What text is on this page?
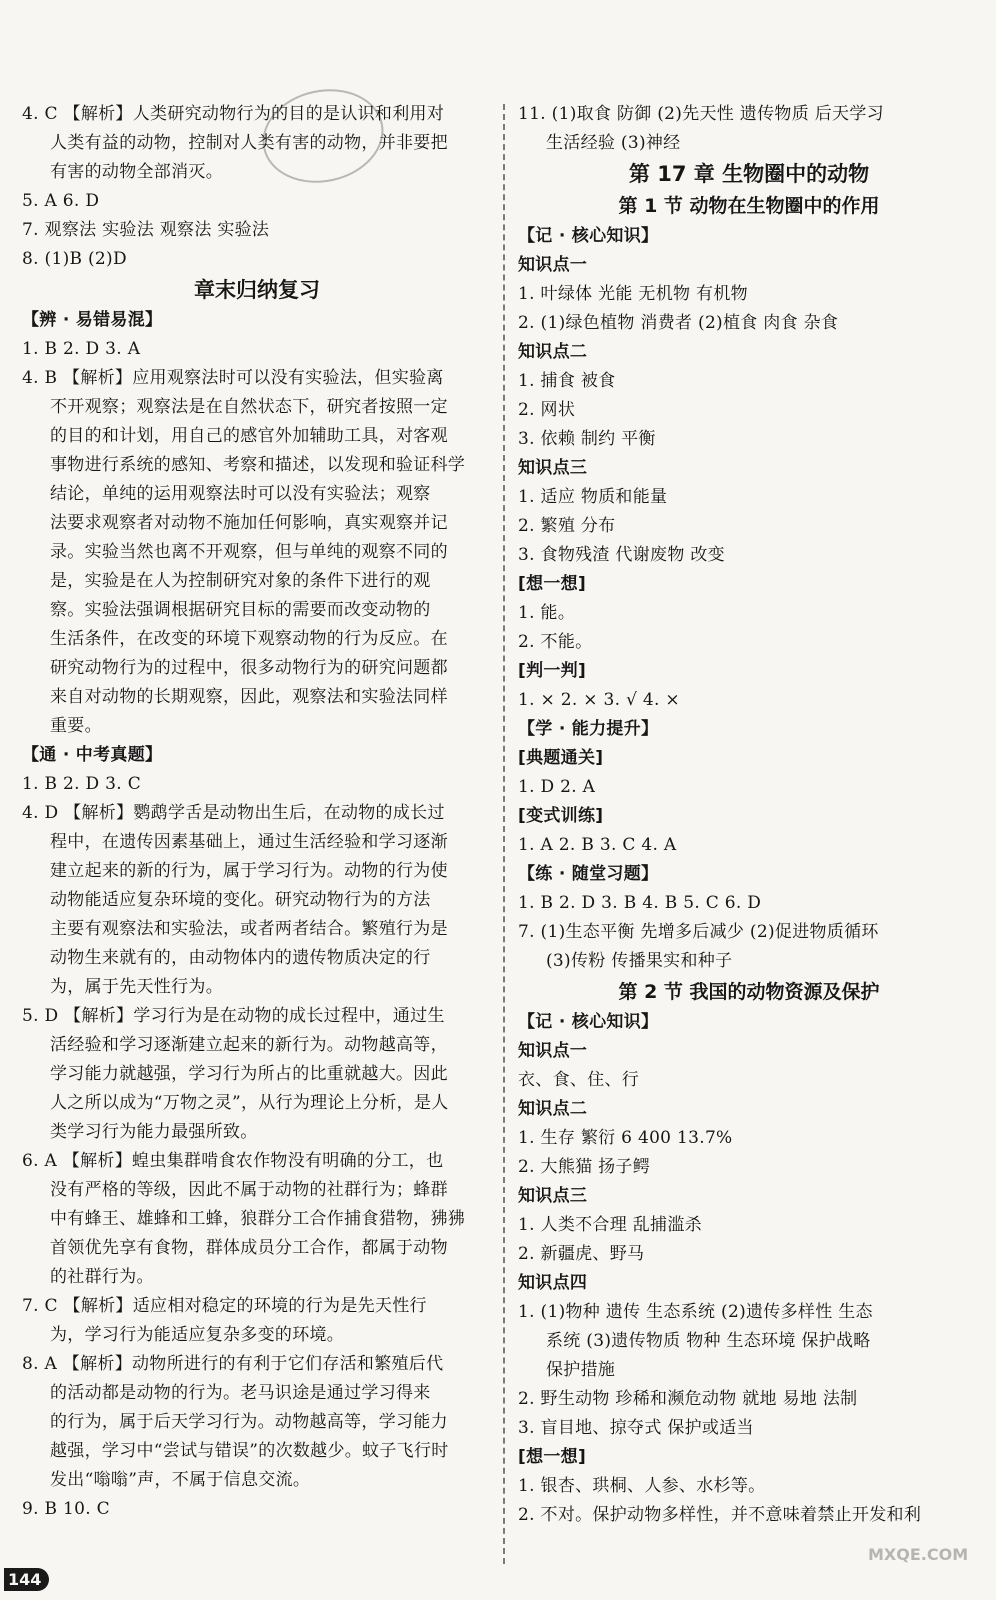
4. C 【解析】人类研究动物行为的目的是认识和利用对
人类有益的动物，控制对人类有害的动物，并非要把
有害的动物全部消灭。
5. A 6. D
7. 观察法 实验法 观察法 实验法
8. (1)B (2)D
章末归纳复习
【辨 · 易错易混】
1. B 2. D 3. A
4. B 【解析】应用观察法时可以没有实验法，但实验离
不开观察；观察法是在自然状态下，研究者按照一定
的目的和计划，用自己的感官外加辅助工具，对客观
事物进行系统的感知、考察和描述，以发现和验证科学
结论，单纯的运用观察法时可以没有实验法；观察
法要求观察者对动物不施加任何影响，真实观察并记
录。实验当然也离不开观察，但与单纯的观察不同的
是，实验是在人为控制研究对象的条件下进行的观
察。实验法强调根据研究目标的需要而改变动物的
生活条件，在改变的环境下观察动物的行为反应。在
研究动物行为的过程中，很多动物行为的研究问题都
来自对动物的长期观察，因此，观察法和实验法同样
重要。
【通 · 中考真题】
1. B 2. D 3. C
4. D 【解析】鹦鹉学舌是动物出生后，在动物的成长过
程中，在遗传因素基础上，通过生活经验和学习逐渐
建立起来的新的行为，属于学习行为。动物的行为使
动物能适应复杂环境的变化。研究动物行为的方法
主要有观察法和实验法，或者两者结合。繁殖行为是
动物生来就有的，由动物体内的遗传物质决定的行
为，属于先天性行为。
5. D 【解析】学习行为是在动物的成长过程中，通过生
活经验和学习逐渐建立起来的新行为。动物越高等，
学习能力就越强，学习行为所占的比重就越大。因此
人之所以成为“万物之灵”，从行为理论上分析，是人
类学习行为能力最强所致。
6. A 【解析】蝗虫集群啃食农作物没有明确的分工，也
没有严格的等级，因此不属于动物的社群行为；蜂群
中有蜂王、雄蜂和工蜂，狼群分工合作捕食猎物，狒狒
首领优先享有食物，群体成员分工合作，都属于动物
的社群行为。
7. C 【解析】适应相对稳定的环境的行为是先天性行
为，学习行为能适应复杂多变的环境。
8. A 【解析】动物所进行的有利于它们存活和繁殖后代
的活动都是动物的行为。老马识途是通过学习得来
的行为，属于后天学习行为。动物越高等，学习能力
越强，学习中“尝试与错误”的次数越少。蚊子飞行时
发出“嗡嗡”声，不属于信息交流。
9. B 10. C
11. (1)取食 防御 (2)先天性 遗传物质 后天学习
生活经验 (3)神经
第 17 章 生物圈中的动物
第 1 节 动物在生物圈中的作用
【记 · 核心知识】
知识点一
1. 叶绿体 光能 无机物 有机物
2. (1)绿色植物 消费者 (2)植食 肉食 杂食
知识点二
1. 捕食 被食
2. 网状
3. 依赖 制约 平衡
知识点三
1. 适应 物质和能量
2. 繁殖 分布
3. 食物残渣 代谢废物 改变
[想一想]
1. 能。
2. 不能。
[判一判]
1. × 2. × 3. √ 4. ×
【学 · 能力提升】
[典题通关]
1. D 2. A
[变式训练]
1. A 2. B 3. C 4. A
【练 · 随堂习题】
1. B 2. D 3. B 4. B 5. C 6. D
7. (1)生态平衡 先增多后减少 (2)促进物质循环
(3)传粉 传播果实和种子
第 2 节 我国的动物资源及保护
【记 · 核心知识】
知识点一
衣、食、住、行
知识点二
1. 生存 繁衍 6 400 13.7%
2. 大熊猫 扬子鳄
知识点三
1. 人类不合理 乱捕滥杀
2. 新疆虎、野马
知识点四
1. (1)物种 遗传 生态系统 (2)遗传多样性 生态
系统 (3)遗传物质 物种 生态环境 保护战略
保护措施
2. 野生动物 珍稀和濒危动物 就地 易地 法制
3. 盲目地、掠夺式 保护或适当
[想一想]
1. 银杏、珙桐、人参、水杉等。
2. 不对。保护动物多样性，并不意味着禁止开发和利
144
MXQE.COM
